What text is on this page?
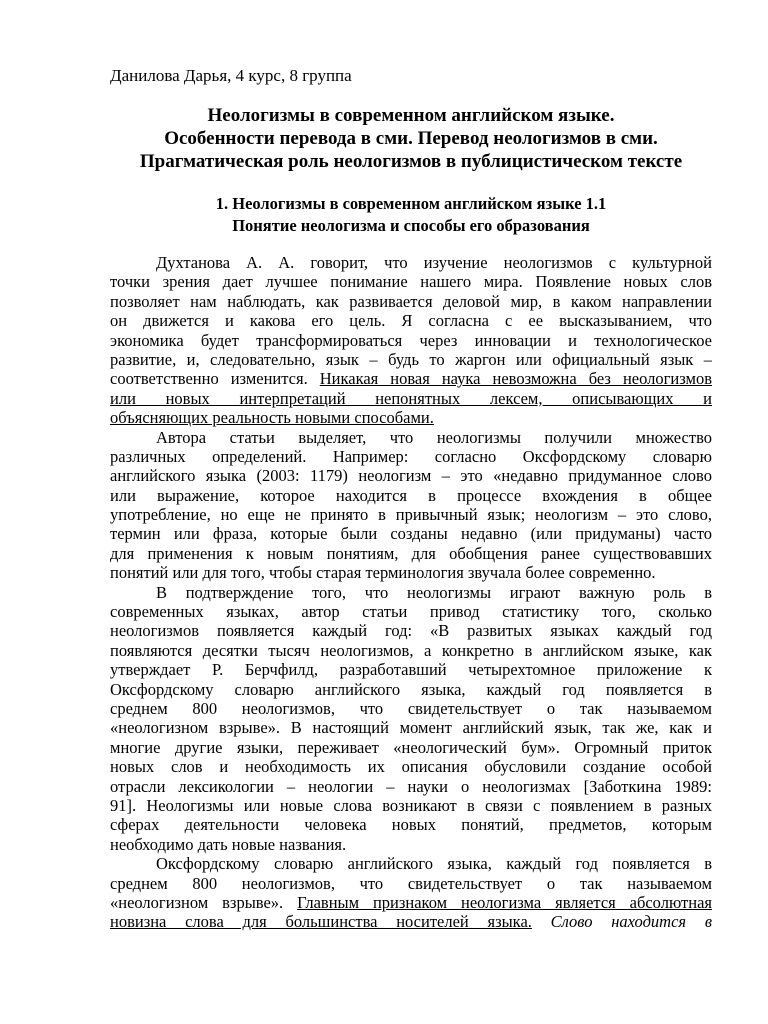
Данилова Дарья, 4 курс, 8 группа
Неологизмы в современном английском языке.
Особенности перевода в сми. Перевод неологизмов в сми.
Прагматическая роль неологизмов в публицистическом тексте
1. Неологизмы в современном английском языке 1.1
Понятие неологизма и способы его образования
Духтанова А. А. говорит, что изучение неологизмов с культурной
точки зрения дает лучшее понимание нашего мира. Появление новых слов
позволяет нам наблюдать, как развивается деловой мир, в каком направлении
он движется и какова его цель. Я согласна с ее высказыванием, что
экономика будет трансформироваться через инновации и технологическое
развитие, и, следовательно, язык – будь то жаргон или официальный язык –
соответственно изменится. Никакая новая наука невозможна без неологизмов
или новых интерпретаций непонятных лексем, описывающих и
объясняющих реальность новыми способами.
Автора статьи выделяет, что неологизмы получили множество
различных определений. Например: согласно Оксфордскому словарю
английского языка (2003: 1179) неологизм – это «недавно придуманное слово
или выражение, которое находится в процессе вхождения в общее
употребление, но еще не принято в привычный язык; неологизм – это слово,
термин или фраза, которые были созданы недавно (или придуманы) часто
для применения к новым понятиям, для обобщения ранее существовавших
понятий или для того, чтобы старая терминология звучала более современно.
В подтверждение того, что неологизмы играют важную роль в
современных языках, автор статьи привод статистику того, сколько
неологизмов появляется каждый год: «В развитых языках каждый год
появляются десятки тысяч неологизмов, а конкретно в английском языке, как
утверждает Р. Берчфилд, разработавший четырехтомное приложение к
Оксфордскому словарю английского языка, каждый год появляется в
среднем 800 неологизмов, что свидетельствует о так называемом
«неологизном взрыве». В настоящий момент английский язык, так же, как и
многие другие языки, переживает «неологический бум». Огромный приток
новых слов и необходимость их описания обусловили создание особой
отрасли лексикологии – неологии – науки о неологизмах [Заботкина 1989:
91]. Неологизмы или новые слова возникают в связи с появлением в разных
сферах деятельности человека новых понятий, предметов, которым
необходимо дать новые названия.
Оксфордскому словарю английского языка, каждый год появляется в
среднем 800 неологизмов, что свидетельствует о так называемом
«неологизном взрыве». Главным признаком неологизма является абсолютная
новизна слова для большинства носителей языка. Слово находится в
